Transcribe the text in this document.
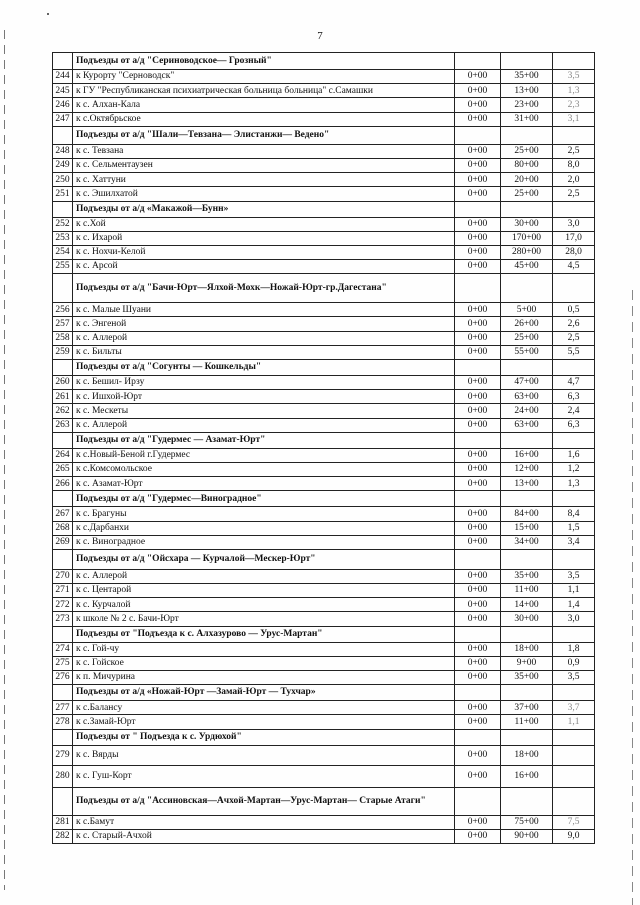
7
	Подъезды от а/д "Сериноводское— Грозный"			
244	к Курорту "Серноводск"	0+00	35+00	3,5
245	к ГУ "Республиканская психиатрическая больница больница" с.Самашки	0+00	13+00	1,3
246	к с. Алхан-Кала	0+00	23+00	2,3
247	к с.Октябрьское	0+00	31+00	3,1
	Подъезды от а/д "Шали—Тевзана— Элистанжи— Ведено"			
248	к с. Тевзана	0+00	25+00	2,5
249	к с. Сельментаузен	0+00	80+00	8,0
250	к с. Хаттуни	0+00	20+00	2,0
251	к с. Эшилхатой	0+00	25+00	2,5
	Подъезды от а/д «Макажой—Бунн»			
252	к с.Хой	0+00	30+00	3,0
253	к с. Ихарой	0+00	170+00	17,0
254	к с. Нохчи-Келой	0+00	280+00	28,0
255	к с. Арсой	0+00	45+00	4,5
	Подъезды от а/д "Бачи-Юрт—Ялхой-Мохк—Ножай-Юрт-гр.Дагестана"			
256	к с. Малые Шуани	0+00	5+00	0,5
257	к с. Энгеной	0+00	26+00	2,6
258	к с. Аллерой	0+00	25+00	2,5
259	к с. Бильты	0+00	55+00	5,5
	Подъезды от а/д "Согунты — Кошкельды"			
260	к с. Бешил- Ирзу	0+00	47+00	4,7
261	к с. Ишхой-Юрт	0+00	63+00	6,3
262	к с. Мескеты	0+00	24+00	2,4
263	к с. Аллерой	0+00	63+00	6,3
	Подъезды от а/д "Гудермес — Азамат-Юрт"			
264	к с.Новый-Беной г.Гудермес	0+00	16+00	1,6
265	к с.Комсомольское	0+00	12+00	1,2
266	к с. Азамат-Юрт	0+00	13+00	1,3
	Подъезды от а/д "Гудермес—Виноградное"			
267	к с. Брагуны	0+00	84+00	8,4
268	к с.Дарбанхи	0+00	15+00	1,5
269	к с. Виноградное	0+00	34+00	3,4
	Подъезды от а/д "Ойсхара — Курчалой—Мескер-Юрт"			
270	к с. Аллерой	0+00	35+00	3,5
271	к с. Центарой	0+00	11+00	1,1
272	к с. Курчалой	0+00	14+00	1,4
273	к школе № 2 с. Бачи-Юрт	0+00	30+00	3,0
	Подъезды от "Подъезда к с. Алхазурово — Урус-Мартан"			
274	к с. Гой-чу	0+00	18+00	1,8
275	к с. Гойское	0+00	9+00	0,9
276	к п. Мичурина	0+00	35+00	3,5
	Подъезды от а/д «Ножай-Юрт —Замай-Юрт — Тухчар»			
277	к с.Балансу	0+00	37+00	3,7
278	к с.Замай-Юрт	0+00	11+00	1,1
	Подъезды от " Подъезда к с. Урдюхой"			
279	к с. Вярды	0+00	18+00	
280	к с. Гуш-Корт	0+00	16+00	
	Подъезды от а/д "Ассиновская—Ачхой-Мартан—Урус-Мартан— Старые Атаги"			
281	к с.Бамут	0+00	75+00	7,5
282	к с. Старый-Ачхой	0+00	90+00	9,0
